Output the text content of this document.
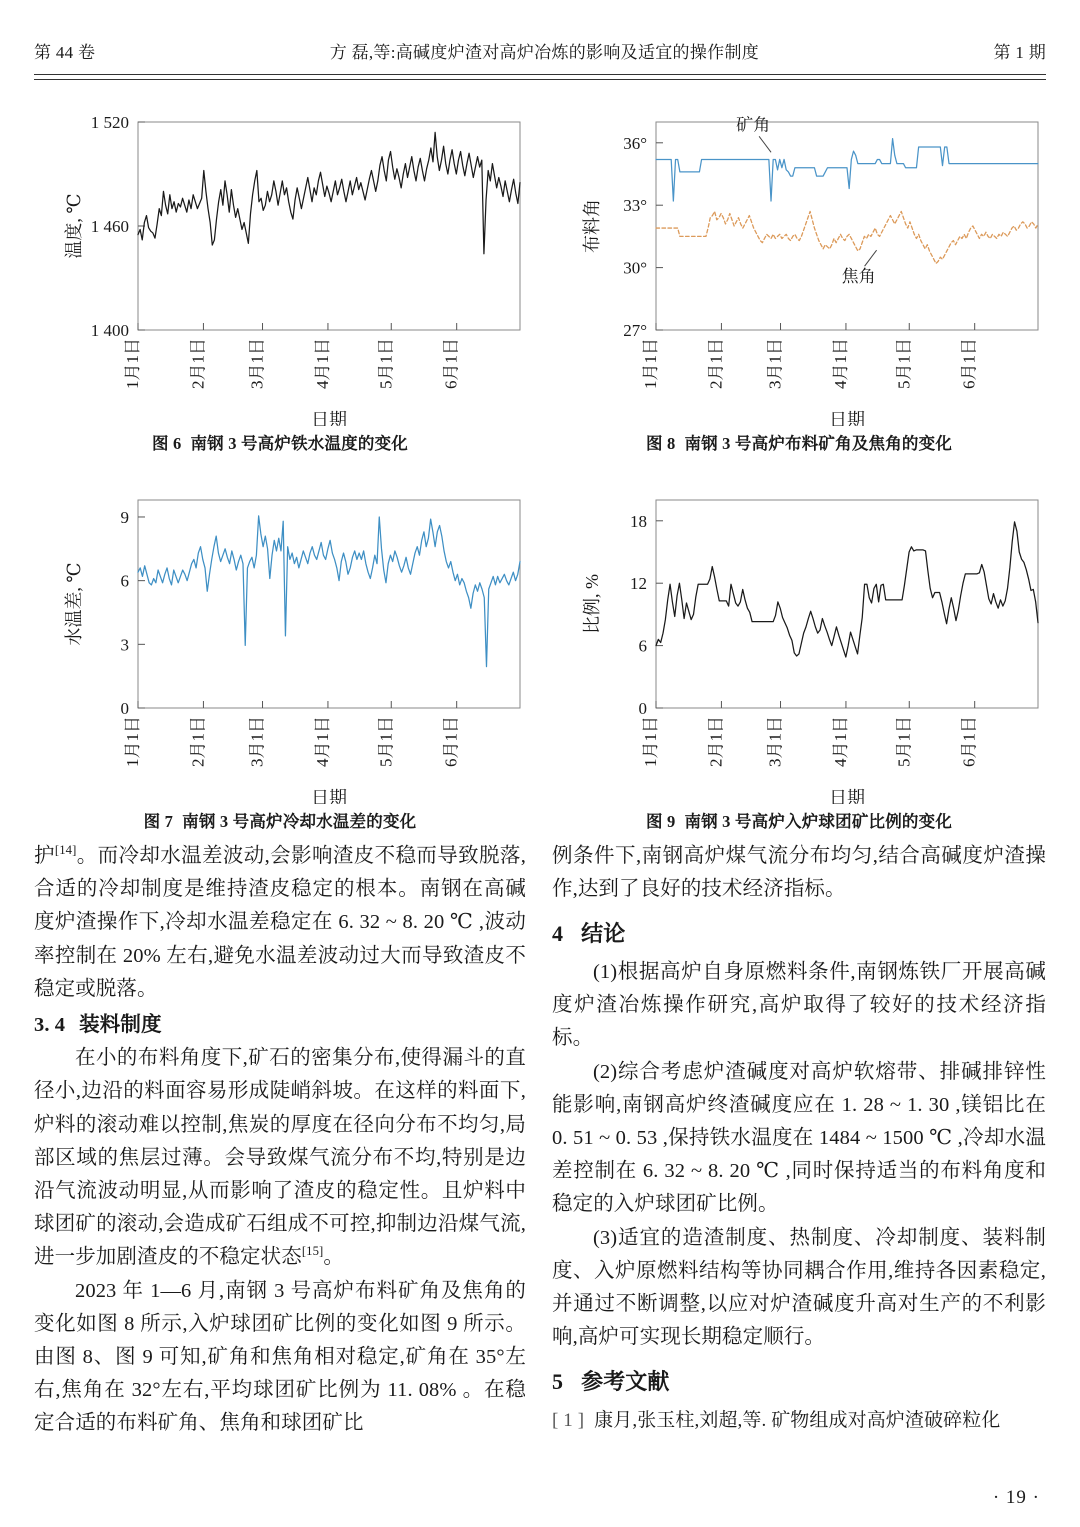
第 44 卷	方 磊,等:高碱度炉渣对高炉冶炼的影响及适宜的操作制度	第 1 期
1 400
1 460
1 520
1月1日	2月1日 3月1日	4月1日	5月1日	6月1日
日期
温度, ℃
图 6 南钢 3 号高炉铁水温度的变化
0
3
6
9
1月1日	2月1日 3月1日	4月1日	5月1日	6月1日
日期
水温差, ℃
图 7 南钢 3 号高炉冷却水温差的变化

护[14]。而冷却水温差波动,会影响渣皮不稳而导致脱落,合适的冷却制度是维持渣皮稳定的根本。南钢在高碱度炉渣操作下,冷却水温差稳定在 6. 32 ~ 8. 20 ℃ ,波动率控制在 20% 左右,避免水温差波动过大而导致渣皮不稳定或脱落。

3. 4 装料制度

在小的布料角度下,矿石的密集分布,使得漏斗的直径小,边沿的料面容易形成陡峭斜坡。在这样的料面下,炉料的滚动难以控制,焦炭的厚度在径向分布不均匀,局部区域的焦层过薄。会导致煤气流分布不均,特别是边沿气流波动明显,从而影响了渣皮的稳定性。且炉料中球团矿的滚动,会造成矿石组成不可控,抑制边沿煤气流,进一步加剧渣皮的不稳定状态[15]。

2023 年 1—6 月,南钢 3 号高炉布料矿角及焦角的变化如图 8 所示,入炉球团矿比例的变化如图 9 所示。由图 8、图 9 可知,矿角和焦角相对稳定,矿角在 35°左右,焦角在 32°左右,平均球团矿比例为 11. 08% 。在稳定合适的布料矿角、焦角和球团矿比

27°
30°
33°
36°
1月1日	2月1日 3月1日	4月1日	5月1日	6月1日
日期
布料角
矿角
焦角
图 8 南钢 3 号高炉布料矿角及焦角的变化
0
6
12
18
1月1日	2月1日 3月1日	4月1日	5月1日	6月1日
日期
比例, %
图 9 南钢 3 号高炉入炉球团矿比例的变化

例条件下,南钢高炉煤气流分布均匀,结合高碱度炉渣操作,达到了良好的技术经济指标。

4 结论

(1)根据高炉自身原燃料条件,南钢炼铁厂开展高碱度炉渣冶炼操作研究,高炉取得了较好的技术经济指标。

(2)综合考虑炉渣碱度对高炉软熔带、排碱排锌性能影响,南钢高炉终渣碱度应在 1. 28 ~ 1. 30 ,镁铝比在 0. 51 ~ 0. 53 ,保持铁水温度在 1484 ~ 1500 ℃ ,冷却水温差控制在 6. 32 ~ 8. 20 ℃ ,同时保持适当的布料角度和稳定的入炉球团矿比例。

(3)适宜的造渣制度、热制度、冷却制度、装料制度、入炉原燃料结构等协同耦合作用,维持各因素稳定,并通过不断调整,以应对炉渣碱度升高对生产的不利影响,高炉可实现长期稳定顺行。

5 参考文献
[ 1 ] 康月,张玉柱,刘超,等. 矿物组成对高炉渣破碎粒化
· 19 ·
